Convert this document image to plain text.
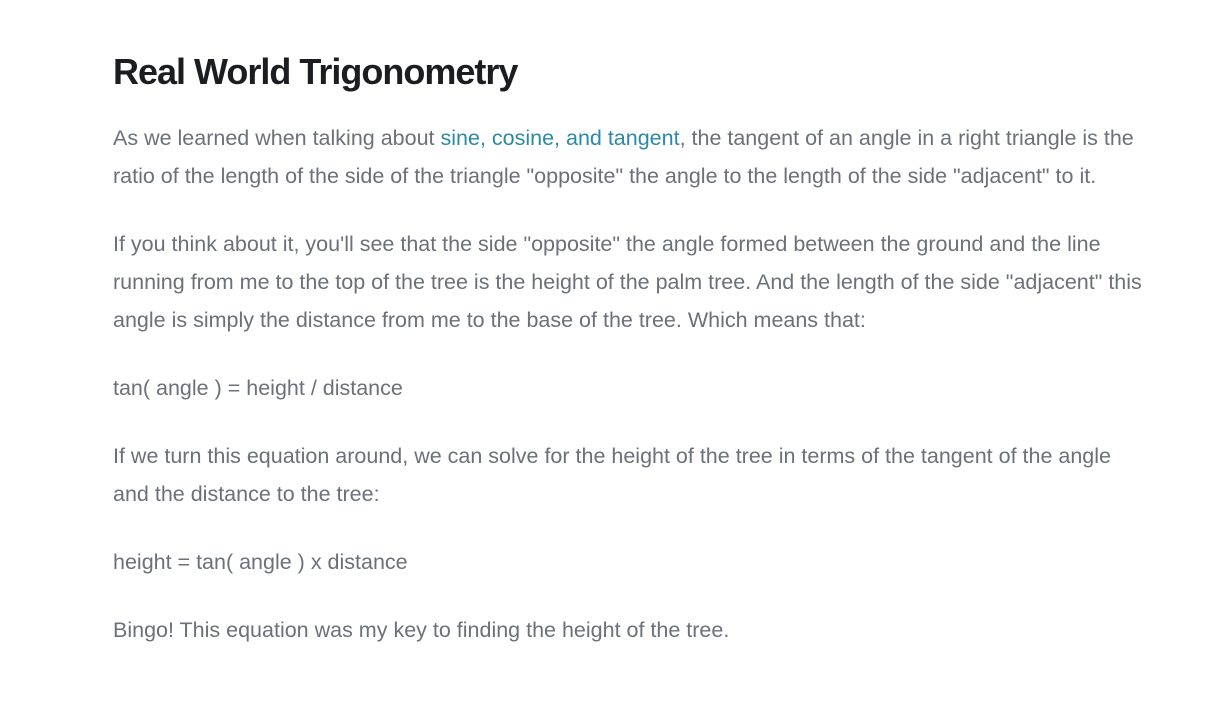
Real World Trigonometry

As we learned when talking about sine, cosine, and tangent, the tangent of an angle in a right triangle is the ratio of the length of the side of the triangle "opposite" the angle to the length of the side "adjacent" to it.

If you think about it, you'll see that the side "opposite" the angle formed between the ground and the line running from me to the top of the tree is the height of the palm tree. And the length of the side "adjacent" this angle is simply the distance from me to the base of the tree. Which means that:

tan( angle ) = height / distance

If we turn this equation around, we can solve for the height of the tree in terms of the tangent of the angle and the distance to the tree:

height = tan( angle ) x distance

Bingo! This equation was my key to finding the height of the tree.
